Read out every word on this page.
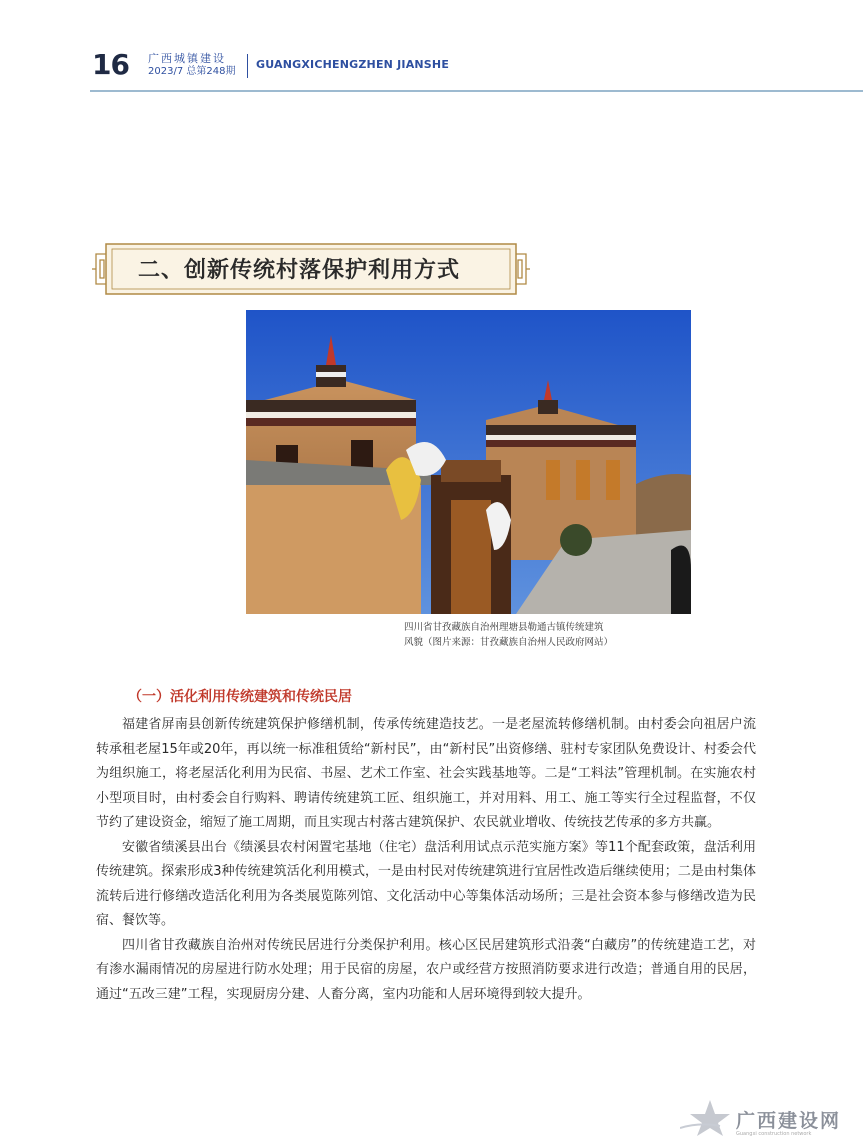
16 广西城镇建设
2023/7 总第248期
GUANGXICHENGZHEN JIANSHE
二、创新传统村落保护利用方式
四川省甘孜藏族自治州理塘县勒通古镇传统建筑
风貌（图片来源：甘孜藏族自治州人民政府网站）
（一）活化利用传统建筑和传统民居

福建省屏南县创新传统建筑保护修缮机制，传承传统建造技艺。一是老屋流转修缮机制。由村委会向祖居户流转承租老屋15年或20年，再以统一标准租赁给“新村民”，由“新村民”出资修缮、驻村专家团队免费设计、村委会代为组织施工，将老屋活化利用为民宿、书屋、艺术工作室、社会实践基地等。二是“工料法”管理机制。在实施农村小型项目时，由村委会自行购料、聘请传统建筑工匠、组织施工，并对用料、用工、施工等实行全过程监督，不仅节约了建设资金，缩短了施工周期，而且实现古村落古建筑保护、农民就业增收、传统技艺传承的多方共赢。

安徽省绩溪县出台《绩溪县农村闲置宅基地（住宅）盘活利用试点示范实施方案》等11个配套政策，盘活利用传统建筑。探索形成3种传统建筑活化利用模式，一是由村民对传统建筑进行宜居性改造后继续使用；二是由村集体流转后进行修缮改造活化利用为各类展览陈列馆、文化活动中心等集体活动场所；三是社会资本参与修缮改造为民宿、餐饮等。

四川省甘孜藏族自治州对传统民居进行分类保护利用。核心区民居建筑形式沿袭“白藏房”的传统建造工艺，对有渗水漏雨情况的房屋进行防水处理；用于民宿的房屋，农户或经营方按照消防要求进行改造；普通自用的民居，通过“五改三建”工程，实现厨房分建、人畜分离，室内功能和人居环境得到较大提升。

广西建设网
Guangxi construction network
